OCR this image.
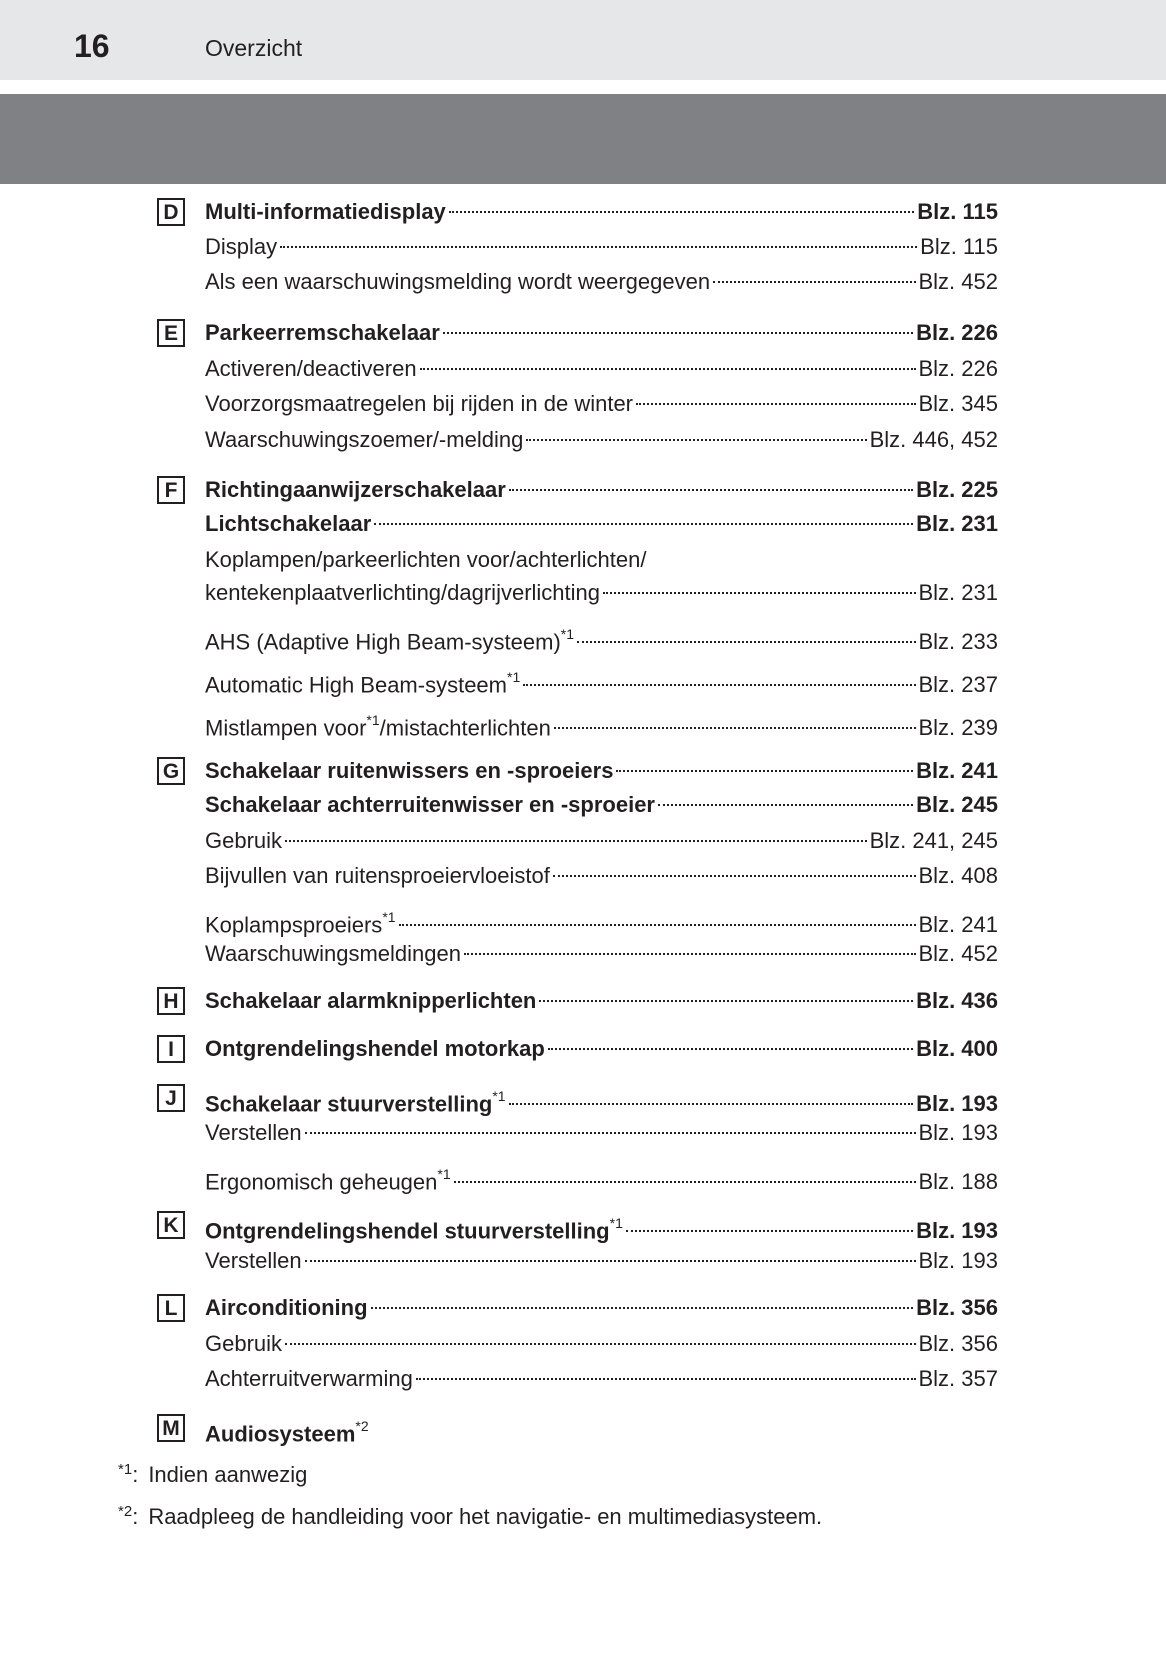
16	Overzicht
D Multi-informatiedisplay	Blz. 115
Display	Blz. 115
Als een waarschuwingsmelding wordt weergegeven	Blz. 452
E	Parkeerremschakelaar	Blz. 226
Activeren/deactiveren	Blz. 226
Voorzorgsmaatregelen bij rijden in de winter	Blz. 345
Waarschuwingszoemer/-melding	Blz. 446, 452
F	Richtingaanwijzerschakelaar	Blz. 225
Lichtschakelaar	Blz. 231
Koplampen/parkeerlichten voor/achterlichten/
kentekenplaatverlichting/dagrijverlichting	Blz. 231
AHS (Adaptive High Beam-systeem)$^{*1}$	Blz. 233
Automatic High Beam-systeem$^{*1}$	Blz. 237
Mistlampen voor$^{*1}$/mistachterlichten	Blz. 239
G Schakelaar ruitenwissers en -sproeiers	Blz. 241
Schakelaar achterruitenwisser en -sproeier	Blz. 245
Gebruik	Blz. 241, 245
Bijvullen van ruitensproeiervloeistof	Blz. 408
Koplampsproeiers$^{*1}$	Blz. 241
Waarschuwingsmeldingen	Blz. 452
H Schakelaar alarmknipperlichten	Blz. 436
I	Ontgrendelingshendel motorkap	Blz. 400
J	Schakelaar stuurverstelling$^{*1}$	Blz. 193
Verstellen	Blz. 193
Ergonomisch geheugen$^{*1}$	Blz. 188
K Ontgrendelingshendel stuurverstelling$^{*1}$	Blz. 193
Verstellen	Blz. 193
L	Airconditioning	Blz. 356
Gebruik	Blz. 356
Achterruitverwarming	Blz. 357
M Audiosysteem$^{*2}$
$^{*1}$: Indien aanwezig
$^{*2}$: Raadpleeg de handleiding voor het navigatie- en multimediasysteem.
